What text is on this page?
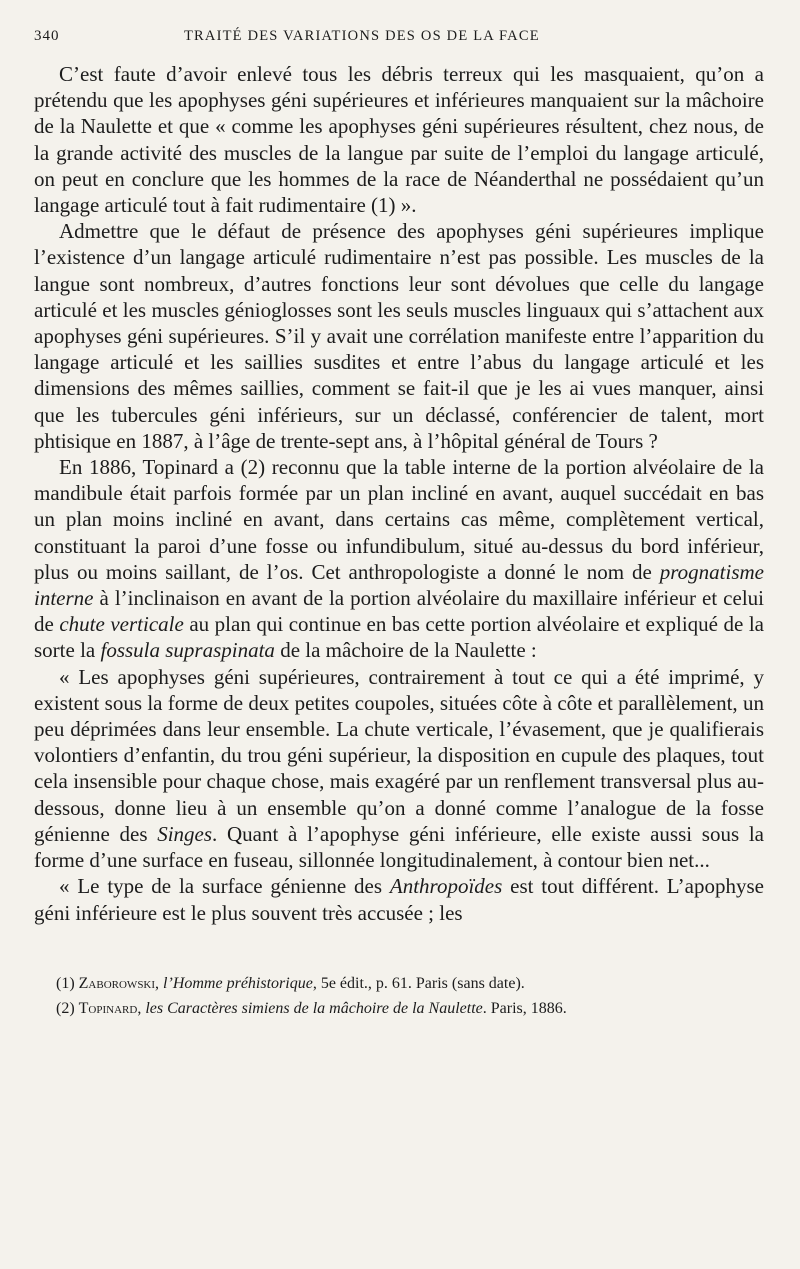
340	TRAITÉ DES VARIATIONS DES OS DE LA FACE

C’est faute d’avoir enlevé tous les débris terreux qui les masquaient, qu’on a prétendu que les apophyses géni supérieures et inférieures manquaient sur la mâchoire de la Naulette et que « comme les apophyses géni supérieures résultent, chez nous, de la grande activité des muscles de la langue par suite de l’emploi du langage articulé, on peut en conclure que les hommes de la race de Néanderthal ne possédaient qu’un langage articulé tout à fait rudimentaire (1) ».

Admettre que le défaut de présence des apophyses géni supérieures implique l’existence d’un langage articulé rudimentaire n’est pas possible. Les muscles de la langue sont nombreux, d’autres fonctions leur sont dévolues que celle du langage articulé et les muscles génioglosses sont les seuls muscles linguaux qui s’attachent aux apophyses géni supérieures. S’il y avait une corrélation manifeste entre l’apparition du langage articulé et les saillies susdites et entre l’abus du langage articulé et les dimensions des mêmes saillies, comment se fait-il que je les ai vues manquer, ainsi que les tubercules géni inférieurs, sur un déclassé, conférencier de talent, mort phtisique en 1887, à l’âge de trente-sept ans, à l’hôpital général de Tours ?

En 1886, Topinard a (2) reconnu que la table interne de la portion alvéolaire de la mandibule était parfois formée par un plan incliné en avant, auquel succédait en bas un plan moins incliné en avant, dans certains cas même, complètement vertical, constituant la paroi d’une fosse ou infundibulum, situé au-dessus du bord inférieur, plus ou moins saillant, de l’os. Cet anthropologiste a donné le nom de prognatisme interne à l’inclinaison en avant de la portion alvéolaire du maxillaire inférieur et celui de chute verticale au plan qui continue en bas cette portion alvéolaire et expliqué de la sorte la fossula supraspinata de la mâchoire de la Naulette :

« Les apophyses géni supérieures, contrairement à tout ce qui a été imprimé, y existent sous la forme de deux petites coupoles, situées côte à côte et parallèlement, un peu déprimées dans leur ensemble. La chute verticale, l’évasement, que je qualifierais volontiers d’enfantin, du trou géni supérieur, la disposition en cupule des plaques, tout cela insensible pour chaque chose, mais exagéré par un renflement transversal plus au-dessous, donne lieu à un ensemble qu’on a donné comme l’analogue de la fosse génienne des Singes. Quant à l’apophyse géni inférieure, elle existe aussi sous la forme d’une surface en fuseau, sillonnée longitudinalement, à contour bien net...

« Le type de la surface génienne des Anthropoïdes est tout différent. L’apophyse géni inférieure est le plus souvent très accusée ; les

(1) Zaborowski, l’Homme préhistorique, 5e édit., p. 61. Paris (sans date).

(2) Topinard, les Caractères simiens de la mâchoire de la Naulette. Paris, 1886.
